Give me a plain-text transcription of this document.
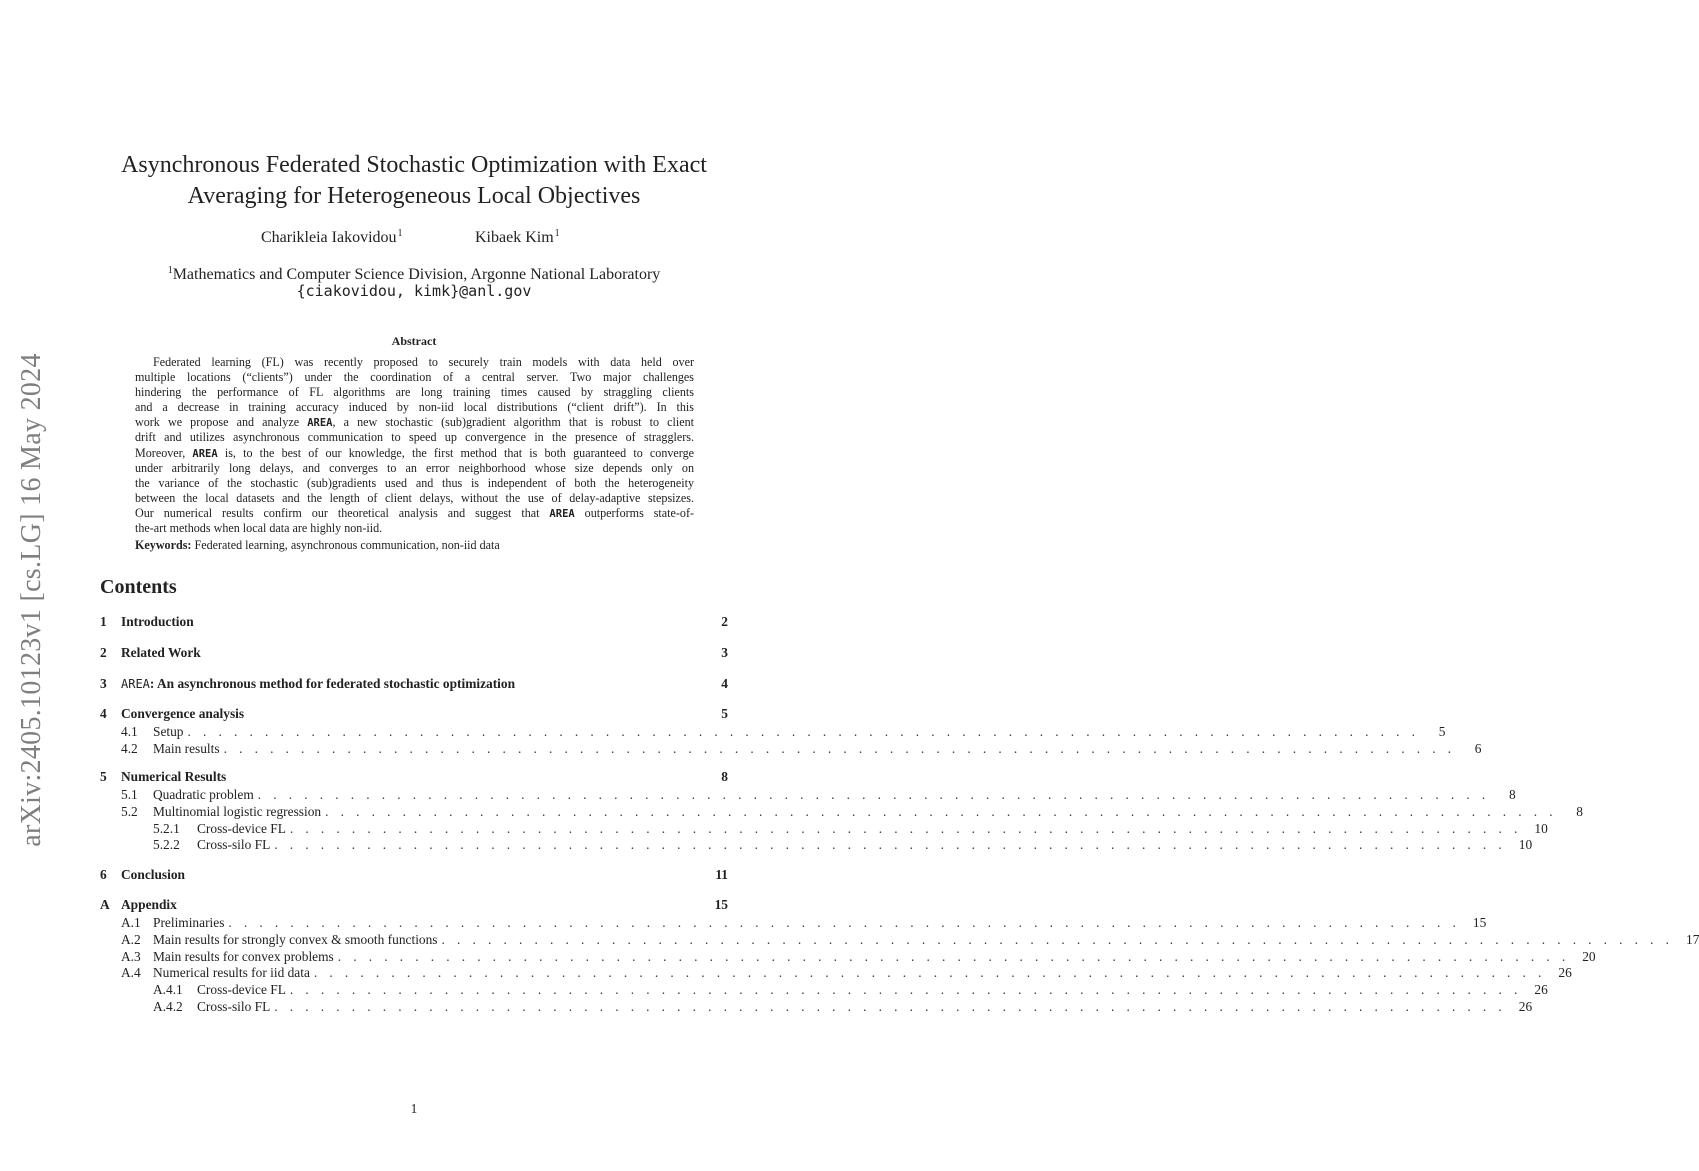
arXiv:2405.10123v1 [cs.LG] 16 May 2024
Asynchronous Federated Stochastic Optimization with Exact
Averaging for Heterogeneous Local Objectives
Charikleia Iakovidou$^1$	Kibaek Kim$^1$
$^1$Mathematics and Computer Science Division, Argonne National Laboratory
{ciakovidou, kimk}@anl.gov
Abstract
Federated learning (FL) was recently proposed to securely train models with data held over
multiple locations (“clients”) under the coordination of a central server. Two major challenges
hindering the performance of FL algorithms are long training times caused by straggling clients
and a decrease in training accuracy induced by non-iid local distributions (“client drift”). In this
work we propose and analyze AREA, a new stochastic (sub)gradient algorithm that is robust to client
drift and utilizes asynchronous communication to speed up convergence in the presence of stragglers.
Moreover, AREA is, to the best of our knowledge, the first method that is both guaranteed to converge
under arbitrarily long delays, and converges to an error neighborhood whose size depends only on
the variance of the stochastic (sub)gradients used and thus is independent of both the heterogeneity
between the local datasets and the length of client delays, without the use of delay-adaptive stepsizes.
Our numerical results confirm our theoretical analysis and suggest that AREA outperforms state-of-
the-art methods when local data are highly non-iid.
Keywords: Federated learning, asynchronous communication, non-iid data
Contents
1	Introduction	2
2	Related Work	3
3	AREA: An asynchronous method for federated stochastic optimization	4
4	Convergence analysis	5
4.1	Setup . . . . . . . . . . . . . . . . . . . . . . . . . . . . . . . . . . . . . . . . . . . . . . . . . . . . . . . . . . . . . . . . . . . . . . . . . . . . . . . .	5
4.2	Main results . . . . . . . . . . . . . . . . . . . . . . . . . . . . . . . . . . . . . . . . . . . . . . . . . . . . . . . . . . . . . . . . . . . . . . . . . . . . . . . .	6
5	Numerical Results	8
5.1	Quadratic problem . . . . . . . . . . . . . . . . . . . . . . . . . . . . . . . . . . . . . . . . . . . . . . . . . . . . . . . . . . . . . . . . . . . . . . . . . . . . . . . .	8
5.2	Multinomial logistic regression . . . . . . . . . . . . . . . . . . . . . . . . . . . . . . . . . . . . . . . . . . . . . . . . . . . . . . . . . . . . . . . . . . . . . . . . . . . . . . . .	8
5.2.1	Cross-device FL . . . . . . . . . . . . . . . . . . . . . . . . . . . . . . . . . . . . . . . . . . . . . . . . . . . . . . . . . . . . . . . . . . . . . . . . . . . . . . . . 10
5.2.2	Cross-silo FL . . . . . . . . . . . . . . . . . . . . . . . . . . . . . . . . . . . . . . . . . . . . . . . . . . . . . . . . . . . . . . . . . . . . . . . . . . . . . . . . 10
6	Conclusion	11
A Appendix	15
A.1 Preliminaries . . . . . . . . . . . . . . . . . . . . . . . . . . . . . . . . . . . . . . . . . . . . . . . . . . . . . . . . . . . . . . . . . . . . . . . . . . . . . . . . 15
A.2 Main results for strongly convex & smooth functions . . . . . . . . . . . . . . . . . . . . . . . . . . . . . . . . . . . . . . . . . . . . . . . . . . . . . . . . . . . . . . . . . . . . . . . . . . . . . . . . 17
A.3 Main results for convex problems . . . . . . . . . . . . . . . . . . . . . . . . . . . . . . . . . . . . . . . . . . . . . . . . . . . . . . . . . . . . . . . . . . . . . . . . . . . . . . . . 20
A.4 Numerical results for iid data . . . . . . . . . . . . . . . . . . . . . . . . . . . . . . . . . . . . . . . . . . . . . . . . . . . . . . . . . . . . . . . . . . . . . . . . . . . . . . . . 26
A.4.1	Cross-device FL . . . . . . . . . . . . . . . . . . . . . . . . . . . . . . . . . . . . . . . . . . . . . . . . . . . . . . . . . . . . . . . . . . . . . . . . . . . . . . . . 26
A.4.2	Cross-silo FL . . . . . . . . . . . . . . . . . . . . . . . . . . . . . . . . . . . . . . . . . . . . . . . . . . . . . . . . . . . . . . . . . . . . . . . . . . . . . . . . 26
1
